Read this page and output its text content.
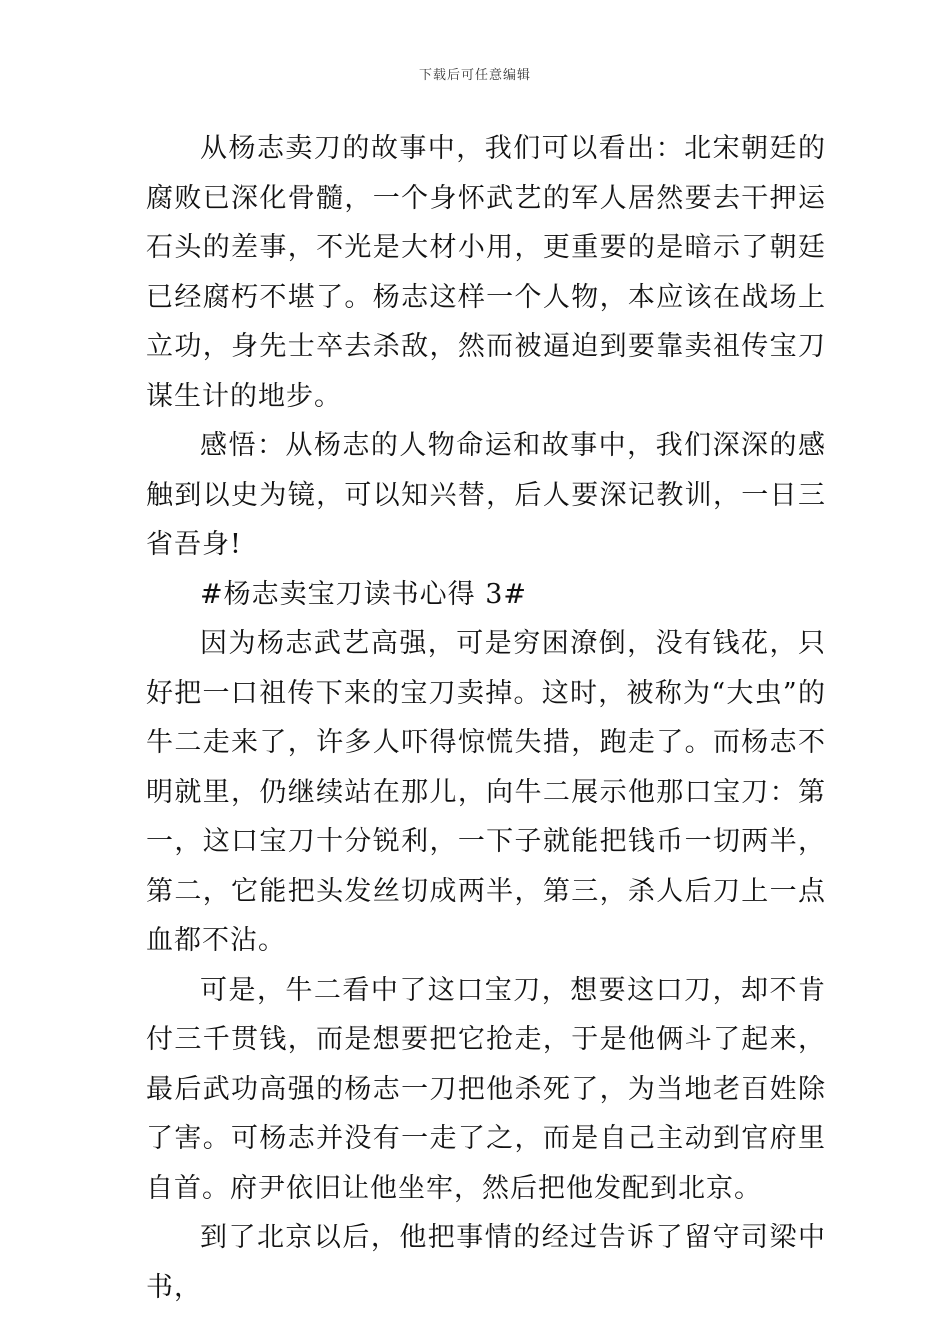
下载后可任意编辑

从杨志卖刀的故事中，我们可以看出：北宋朝廷的腐败已深化骨髓，一个身怀武艺的军人居然要去干押运石头的差事，不光是大材小用，更重要的是暗示了朝廷已经腐朽不堪了。杨志这样一个人物，本应该在战场上立功，身先士卒去杀敌，然而被逼迫到要靠卖祖传宝刀谋生计的地步。

感悟：从杨志的人物命运和故事中，我们深深的感触到以史为镜，可以知兴替，后人要深记教训，一日三省吾身!

#杨志卖宝刀读书心得 3#

因为杨志武艺高强，可是穷困潦倒，没有钱花，只好把一口祖传下来的宝刀卖掉。这时，被称为“大虫”的牛二走来了，许多人吓得惊慌失措，跑走了。而杨志不明就里，仍继续站在那儿，向牛二展示他那口宝刀：第一，这口宝刀十分锐利，一下子就能把钱币一切两半，第二，它能把头发丝切成两半，第三，杀人后刀上一点血都不沾。

可是，牛二看中了这口宝刀，想要这口刀，却不肯付三千贯钱，而是想要把它抢走，于是他俩斗了起来，最后武功高强的杨志一刀把他杀死了，为当地老百姓除了害。可杨志并没有一走了之，而是自己主动到官府里自首。府尹依旧让他坐牢，然后把他发配到北京。

到了北京以后，他把事情的经过告诉了留守司梁中书，
